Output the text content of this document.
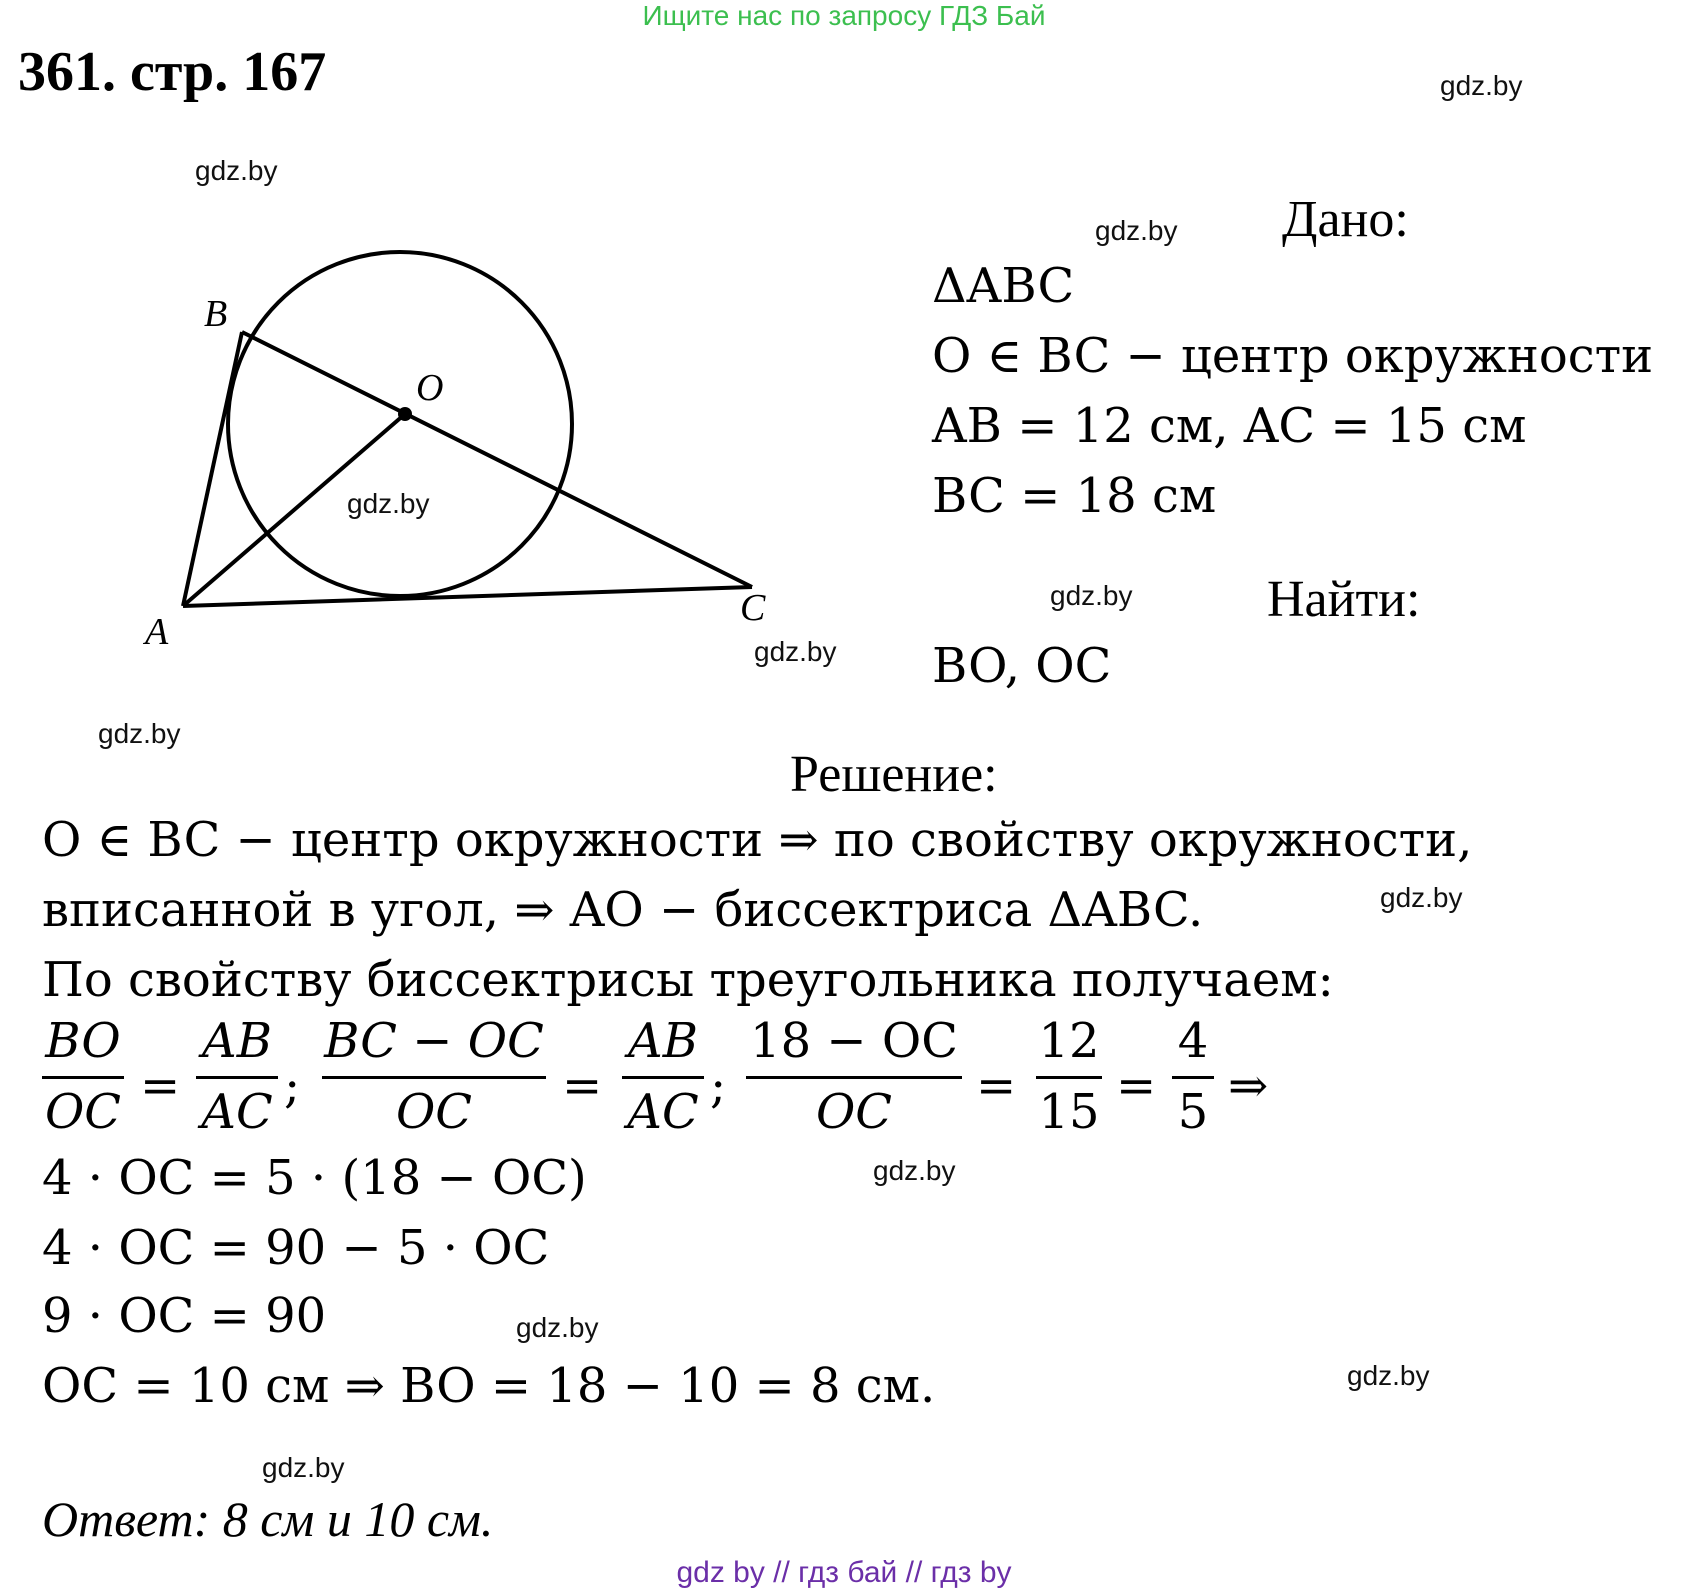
Ищите нас по запросу ГДЗ Бай
361. стр. 167	gdz.by
gdz.by
gdz.by
gdz.by
gdz.by
gdz.by
gdz.by
gdz.by
gdz.by
gdz.by
gdz.by
gdz.by
B
O
A
C
Дано:
ΔABC
O ∈ BC − центр окружности
AB = 12 см, AC = 15 см
BC = 18 см
Найти:
BO, OC
Решение:
O ∈ BC − центр окружности ⇒ по свойству окружности,
вписанной в угол, ⇒ AO − биссектриса ΔABC.
По свойству биссектрисы треугольника получаем:
BO
OC =
AB
AC ;
BC − OC
OC	=
AB
AC ;
18 − OC
OC	=
12
15 =
4
5 ⇒
4 · OC = 5 · (18 − OC)
4 · OC = 90 − 5 · OC
9 · OC = 90
OC = 10 см ⇒ BO = 18 − 10 = 8 см.
Ответ: 8 см и 10 см.
gdz by // гдз бай // гдз by
